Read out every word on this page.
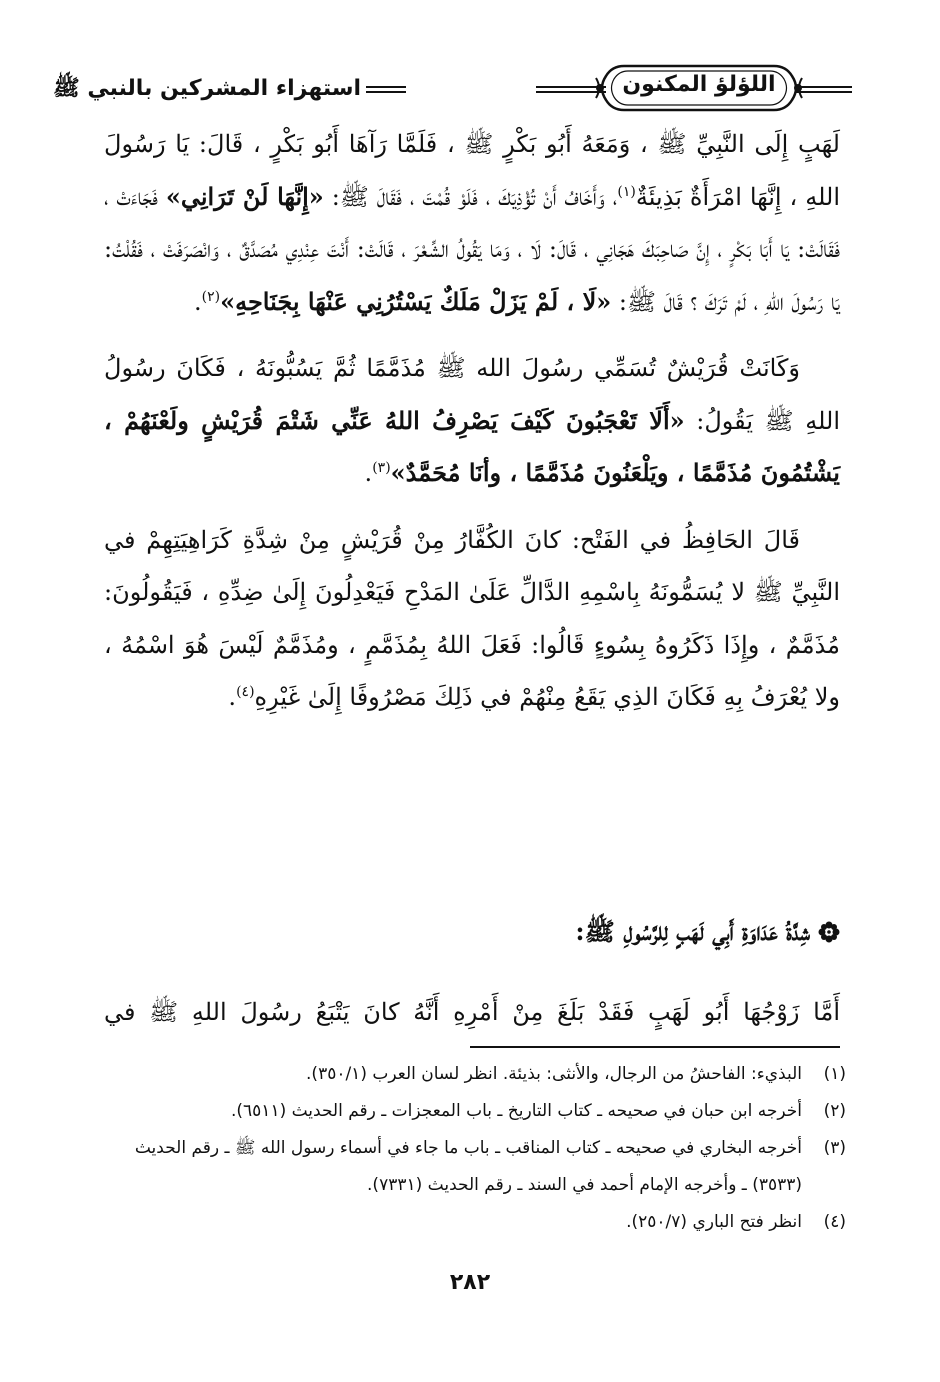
استهزاء المشركين بالنبي ﷺ	اللؤلؤ المكنون

لَهَبٍ إِلَى النَّبِيِّ ﷺ ، وَمَعَهُ أَبُو بَكْرٍ ﷺ ، فَلَمَّا رَآهَا أَبُو بَكْرٍ ، قَالَ: يَا رَسُولَ اللهِ ، إِنَّهَا امْرَأَةٌ بَذِيئَةٌ$^{(١)}$، وَأَخَافُ أَنْ تُؤْذِيَكَ ، فَلَوْ قُمْتَ ، فَقَالَ ﷺ: «إِنَّهَا لَنْ تَرَانِي» فَجَاءَتْ ، فَقَالَتْ: يَا أَبَا بَكْرٍ ، إِنَّ صَاحِبَكَ هَجَانِي ، قَالَ: لَا ، وَمَا يَقُولُ الشِّعْرَ ، قَالَتْ: أَنْتَ عِنْدِي مُصَدَّقٌ ، وَانْصَرَفَتْ ، فَقُلْتُ: يَا رَسُولَ اللهِ ، لَمْ تَرَكَ ؟ قَالَ ﷺ: «لَا ، لَمْ يَزَلْ مَلَكٌ يَسْتُرُنِي عَنْهَا بِجَنَاحِهِ»$^{(٢)}$.

وَكَانَتْ قُرَيْشٌ تُسَمِّي رسُولَ الله ﷺ مُذَمَّمًا ثُمَّ يَسُبُّونَهُ ، فَكَانَ رسُولُ اللهِ ﷺ يَقُولُ: «أَلَا تَعْجَبُونَ كَيْفَ يَصْرِفُ اللهُ عَنِّي شَتْمَ قُرَيْشٍ ولَعْنَهُمْ ، يَشْتُمُونَ مُذَمَّمًا ، ويَلْعَنُونَ مُذَمَّمًا ، وأنَا مُحَمَّدٌ»$^{(٣)}$.

قَالَ الحَافِظُ في الفَتْح: كانَ الكُفَّارُ مِنْ قُرَيْشٍ مِنْ شِدَّةِ كَرَاهِيَتِهِمْ في النَّبِيِّ ﷺ لا يُسَمُّونَهُ بِاسْمِهِ الدَّالِّ عَلَىٰ المَدْحِ فَيَعْدِلُونَ إِلَىٰ ضِدِّهِ ، فَيَقُولُونَ: مُذَمَّمٌ ، وإِذَا ذَكَرُوهُ بِسُوءٍ قَالُوا: فَعَلَ اللهُ بِمُذَمَّمٍ ، ومُذَمَّمٌ لَيْسَ هُوَ اسْمُهُ ، ولا يُعْرَفُ بِهِ فَكَانَ الذِي يَقَعُ مِنْهُمْ في ذَلِكَ مَصْرُوفًا إِلَىٰ غَيْرِهِ$^{(٤)}$.

شِدَّةُ عَدَاوَةِ أَبِي لَهَبٍ لِلرَّسُولِ ﷺ:
أَمَّا زَوْجُهَا أَبُو لَهَبٍ فَقَدْ بَلَغَ مِنْ أَمْرِهِ أَنَّهُ كانَ يَتْبَعُ رسُولَ اللهِ ﷺ في
(١)
البذيء: الفاحشُ من الرجال، والأنثى: بذيئة. انظر لسان العرب (٣٥٠/١).
(٢)
أخرجه ابن حبان في صحيحه ـ كتاب التاريخ ـ باب المعجزات ـ رقم الحديث (٦٥١١).
(٣)
أخرجه البخاري في صحيحه ـ كتاب المناقب ـ باب ما جاء في أسماء رسول الله ﷺ ـ رقم الحديث (٣٥٣٣) ـ وأخرجه الإمام أحمد في السند ـ رقم الحديث (٧٣٣١).
(٤)
انظر فتح الباري (٢٥٠/٧).
٢٨٢
